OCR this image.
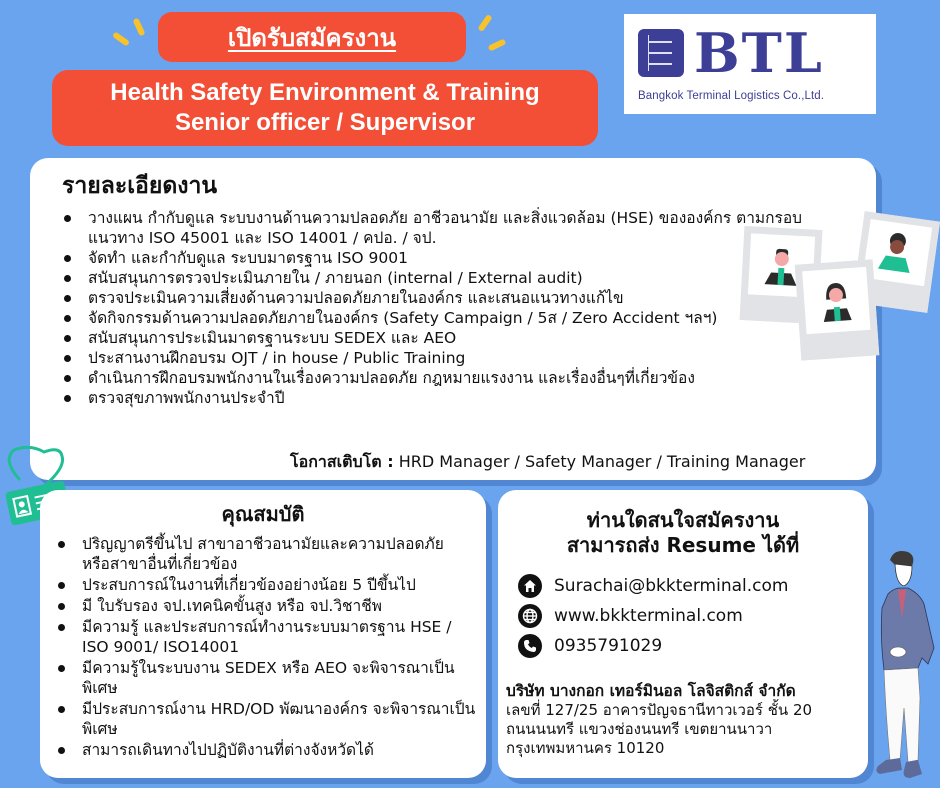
เปิดรับสมัครงาน
Health Safety Environment & Training
Senior officer / Supervisor
BTL
Bangkok Terminal Logistics Co.,Ltd.
รายละเอียดงาน
วางแผน กำกับดูแล ระบบงานด้านความปลอดภัย อาชีวอนามัย และสิ่งแวดล้อม (HSE) ขององค์กร ตามกรอบแนวทาง ISO 45001 และ ISO 14001 / คปอ. / จป.
จัดทำ และกำกับดูแล ระบบมาตรฐาน ISO 9001
สนับสนุนการตรวจประเมินภายใน / ภายนอก (internal / External audit)
ตรวจประเมินความเสี่ยงด้านความปลอดภัยภายในองค์กร และเสนอแนวทางแก้ไข
จัดกิจกรรมด้านความปลอดภัยภายในองค์กร (Safety Campaign / 5ส / Zero Accident ฯลฯ)
สนับสนุนการประเมินมาตรฐานระบบ SEDEX และ AEO
ประสานงานฝึกอบรม OJT / in house / Public Training
ดำเนินการฝึกอบรมพนักงานในเรื่องความปลอดภัย กฎหมายแรงงาน และเรื่องอื่นๆที่เกี่ยวข้อง
ตรวจสุขภาพพนักงานประจำปี
โอกาสเติบโต : HRD Manager / Safety Manager / Training Manager
คุณสมบัติ
ปริญญาตรีขึ้นไป สาขาอาชีวอนามัยและความปลอดภัย หรือสาขาอื่นที่เกี่ยวข้อง
ประสบการณ์ในงานที่เกี่ยวข้องอย่างน้อย 5 ปีขึ้นไป
มี ใบรับรอง จป.เทคนิคขั้นสูง หรือ จป.วิชาชีพ
มีความรู้ และประสบการณ์ทำงานระบบมาตรฐาน HSE / ISO 9001/ ISO14001
มีความรู้ในระบบงาน SEDEX หรือ AEO จะพิจารณาเป็นพิเศษ
มีประสบการณ์งาน HRD/OD พัฒนาองค์กร จะพิจารณาเป็นพิเศษ
สามารถเดินทางไปปฏิบัติงานที่ต่างจังหวัดได้
ท่านใดสนใจสมัครงาน
สามารถส่ง Resume ได้ที่
Surachai@bkkterminal.com
www.bkkterminal.com
0935791029
บริษัท บางกอก เทอร์มินอล โลจิสติกส์ จำกัด
เลขที่ 127/25 อาคารปัญจธานีทาวเวอร์ ชั้น 20
ถนนนนทรี แขวงช่องนนทรี เขตยานนาวา
กรุงเทพมหานคร 10120
